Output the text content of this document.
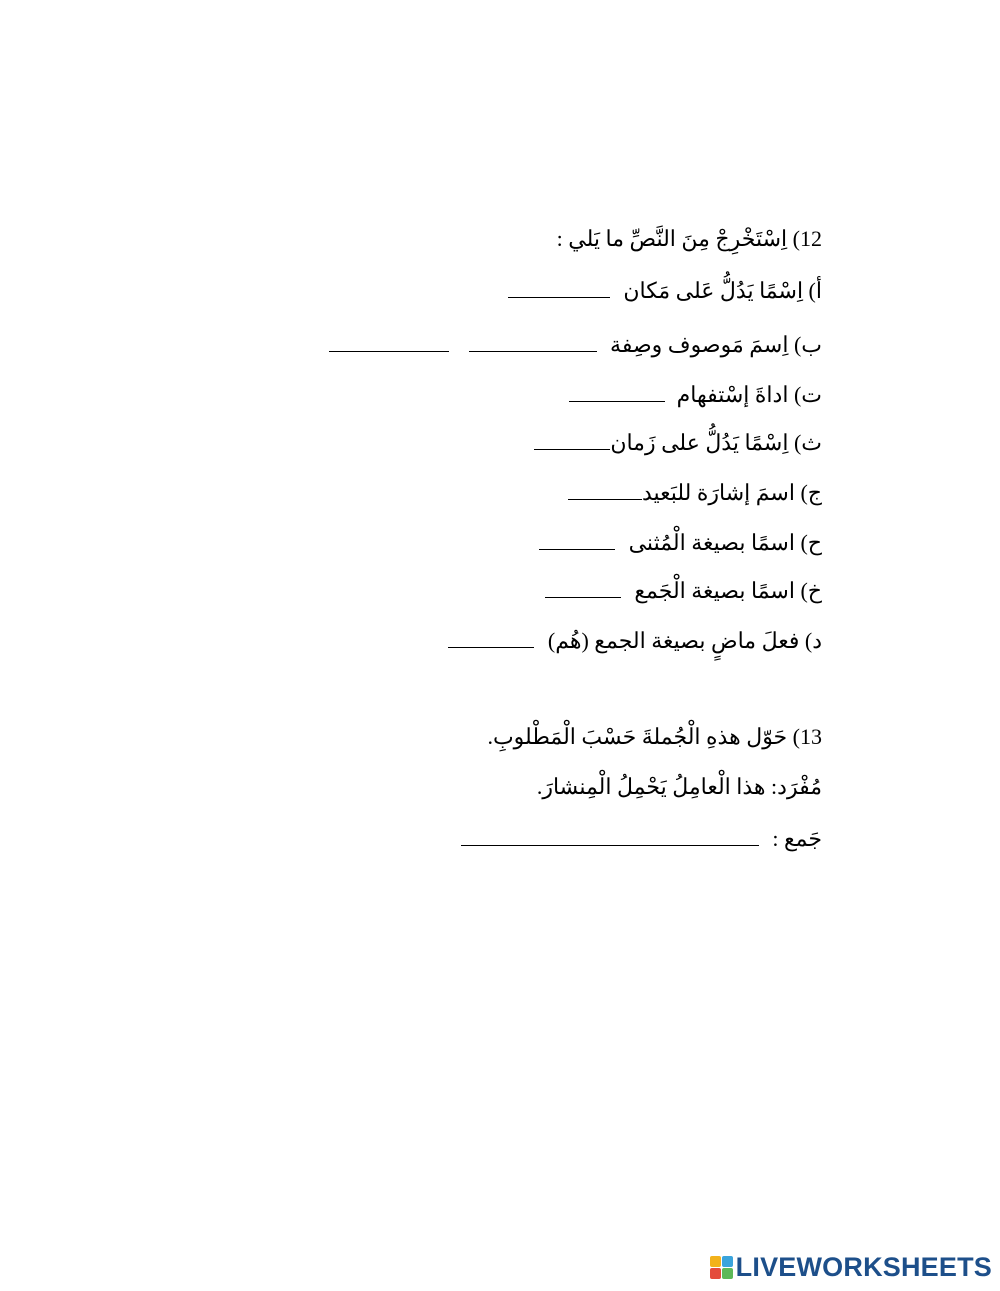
12) اِسْتَخْرِجْ مِنَ النَّصِّ ما يَلي :
أ) اِسْمًا يَدُلُّ عَلى مَكان
ب) اِسمَ مَوصوف وصِفة
ت) اداةَ إسْتفهام
ث) اِسْمًا يَدُلُّ على زَمان
ج) اسمَ إشارَة للبَعيد
ح) اسمًا بصيغة الْمُثنى
خ) اسمًا بصيغة الْجَمع
د) فعلَ ماضٍ بصيغة الجمع (هُم)
13) حَوّل هذهِ الْجُملةَ حَسْبَ الْمَطْلوبِ.
مُفْرَد: هذا الْعامِلُ يَحْمِلُ الْمِنشارَ.
جَمع :
LIVEWORKSHEETS
